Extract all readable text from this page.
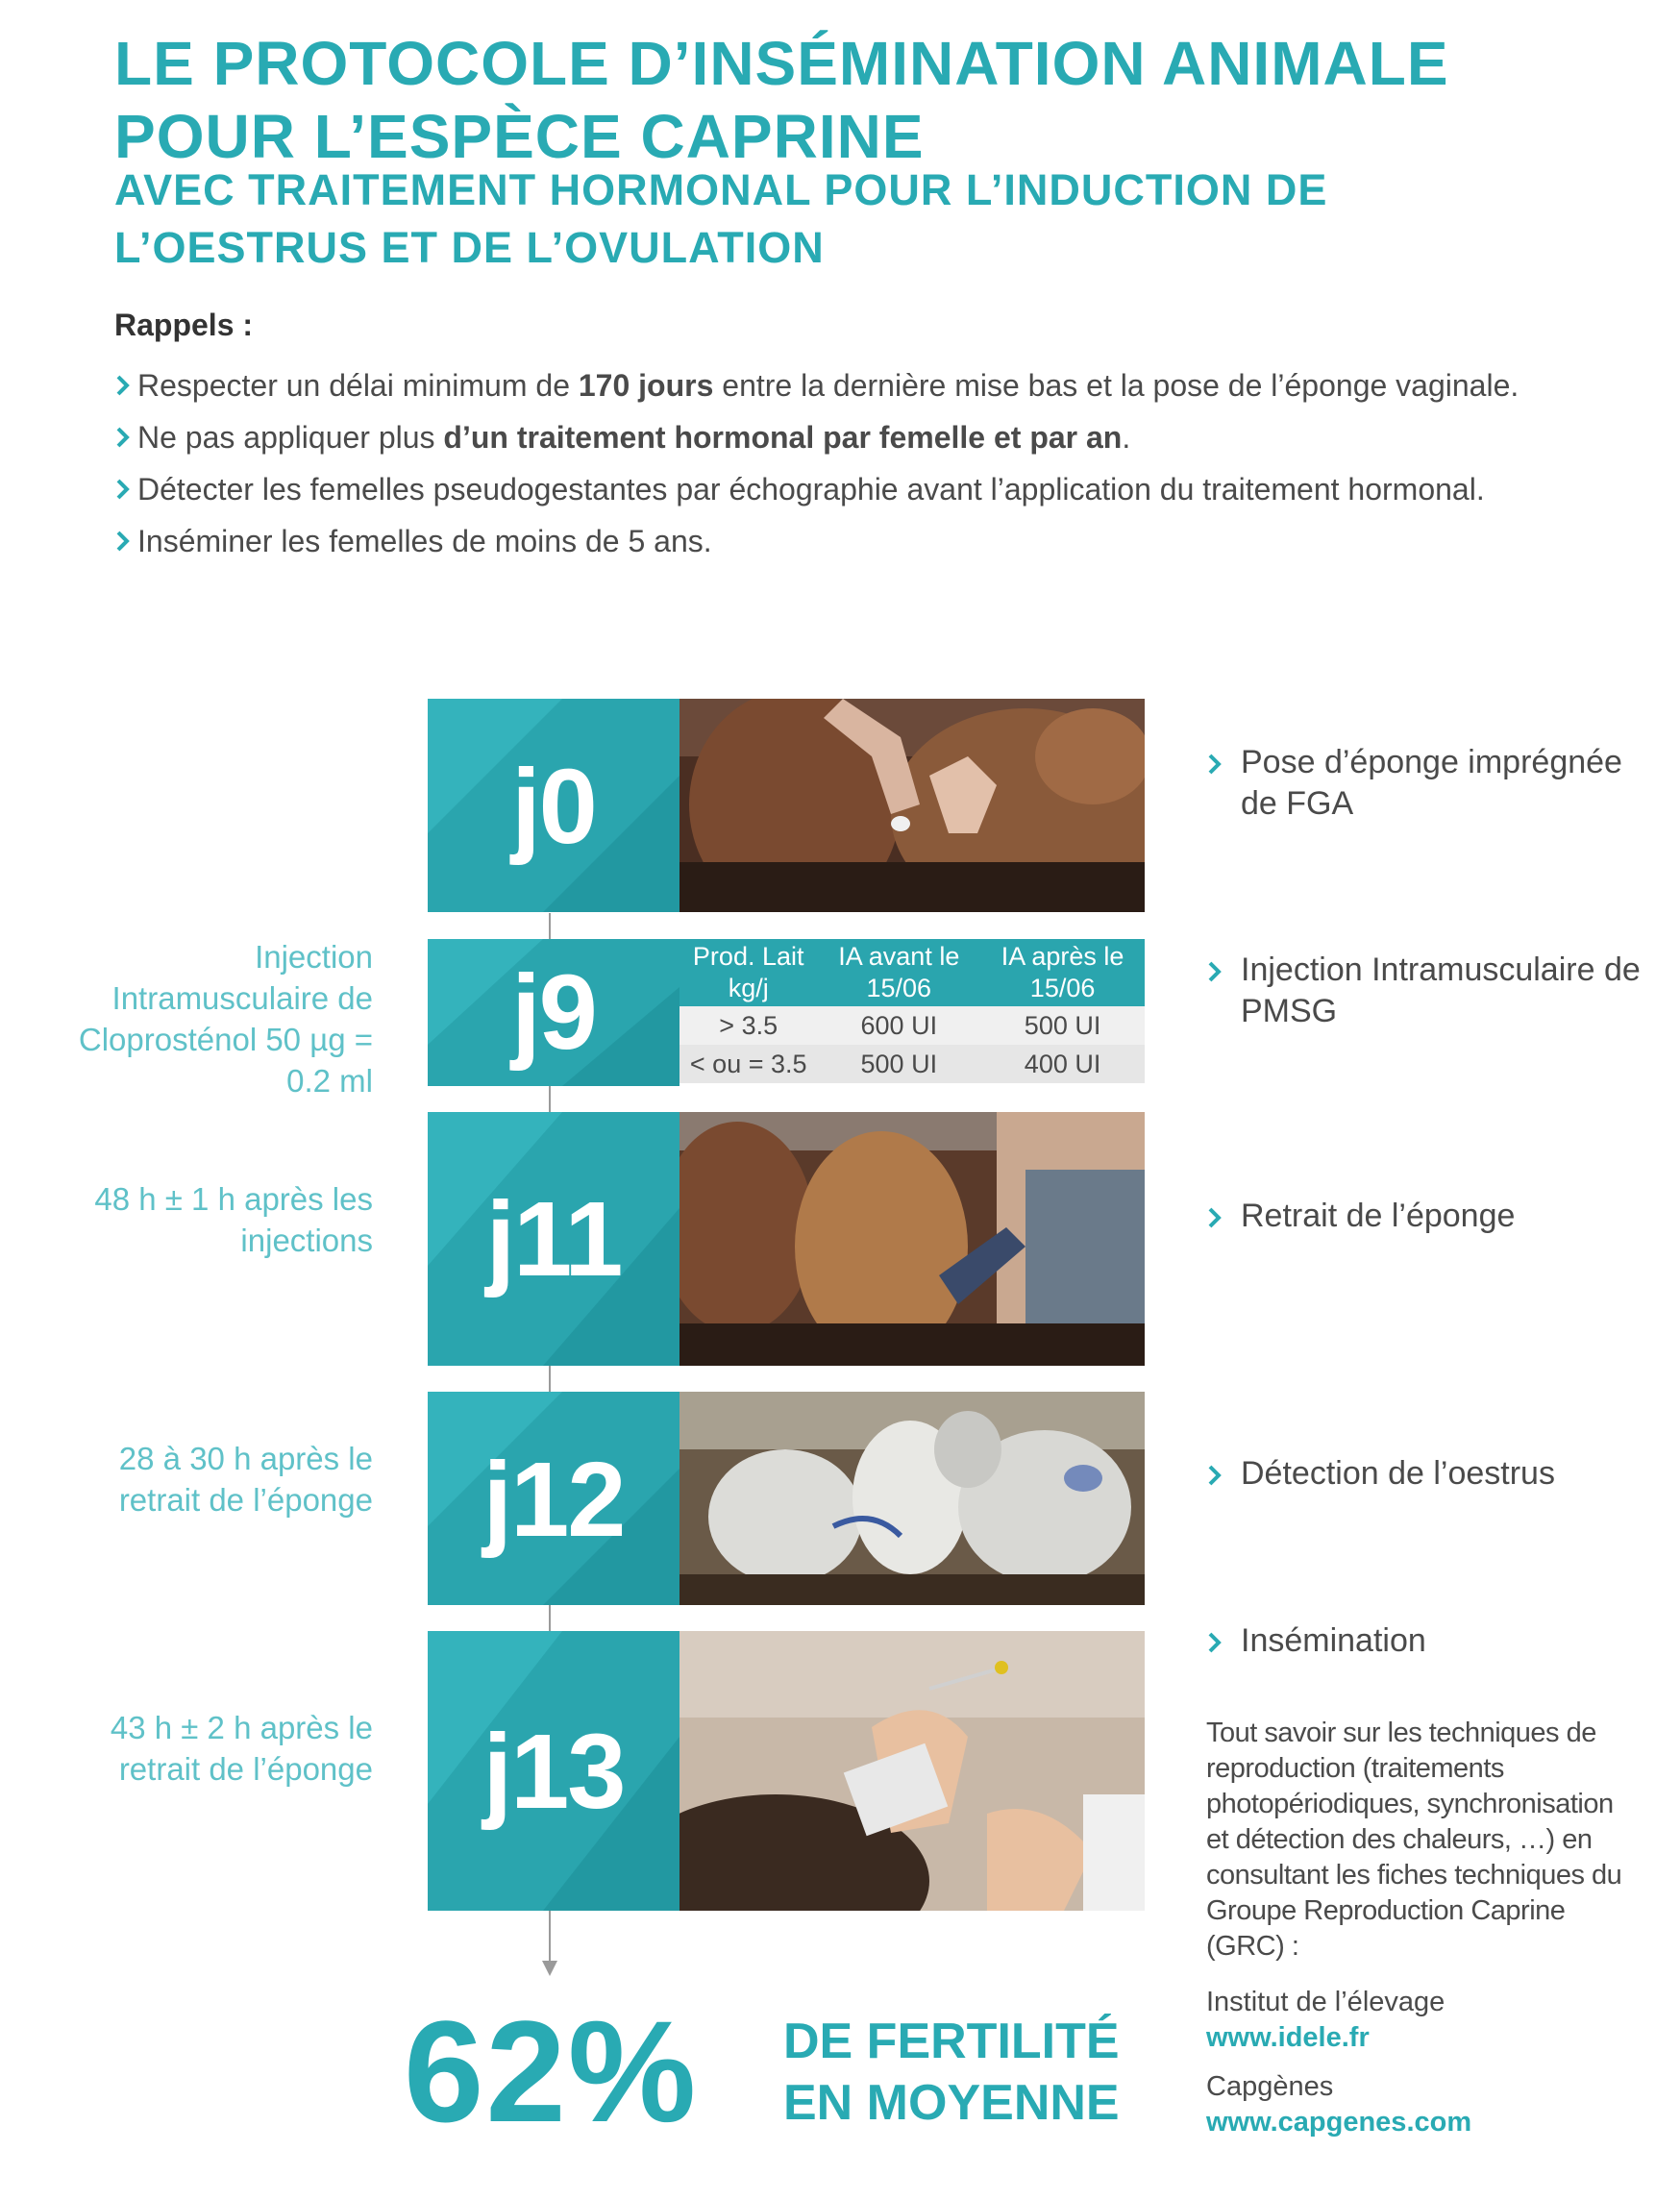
LE PROTOCOLE D’INSÉMINATION ANIMALE
POUR L’ESPÈCE CAPRINE
AVEC TRAITEMENT HORMONAL POUR L’INDUCTION DE
L’OESTRUS ET DE L’OVULATION
Rappels :
Respecter un délai minimum de 170 jours entre la dernière mise bas et la pose de l’éponge vaginale.
Ne pas appliquer plus d’un traitement hormonal par femelle et par an.
Détecter les femelles pseudogestantes par échographie avant l’application du traitement hormonal.
Inséminer les femelles de moins de 5 ans.
j0	Pose d’éponge imprégnée de FGA
j9	Prod. Lait kg/j	IA avant le 15/06	IA après le 15/06
> 3.5	600 UI	500 UI
< ou = 3.5	500 UI	400 UI
Injection Intramusculaire de Cloprosténol 50 µg = 0.2 ml
Injection Intramusculaire de PMSG
j11
48 h ± 1 h après les injections
Retrait de l’éponge
j12
28 à 30 h après le retrait de l’éponge
Détection de l’oestrus
j13
43 h ± 2 h après le retrait de l’éponge
Insémination
Tout savoir sur les techniques de reproduction (traitements photopériodiques, synchronisation et détection des chaleurs, …) en consultant les fiches techniques du Groupe Reproduction Caprine (GRC) :
Institut de l’élevage
www.idele.fr
Capgènes
www.capgenes.com
62% DE FERTILITÉ
EN MOYENNE
